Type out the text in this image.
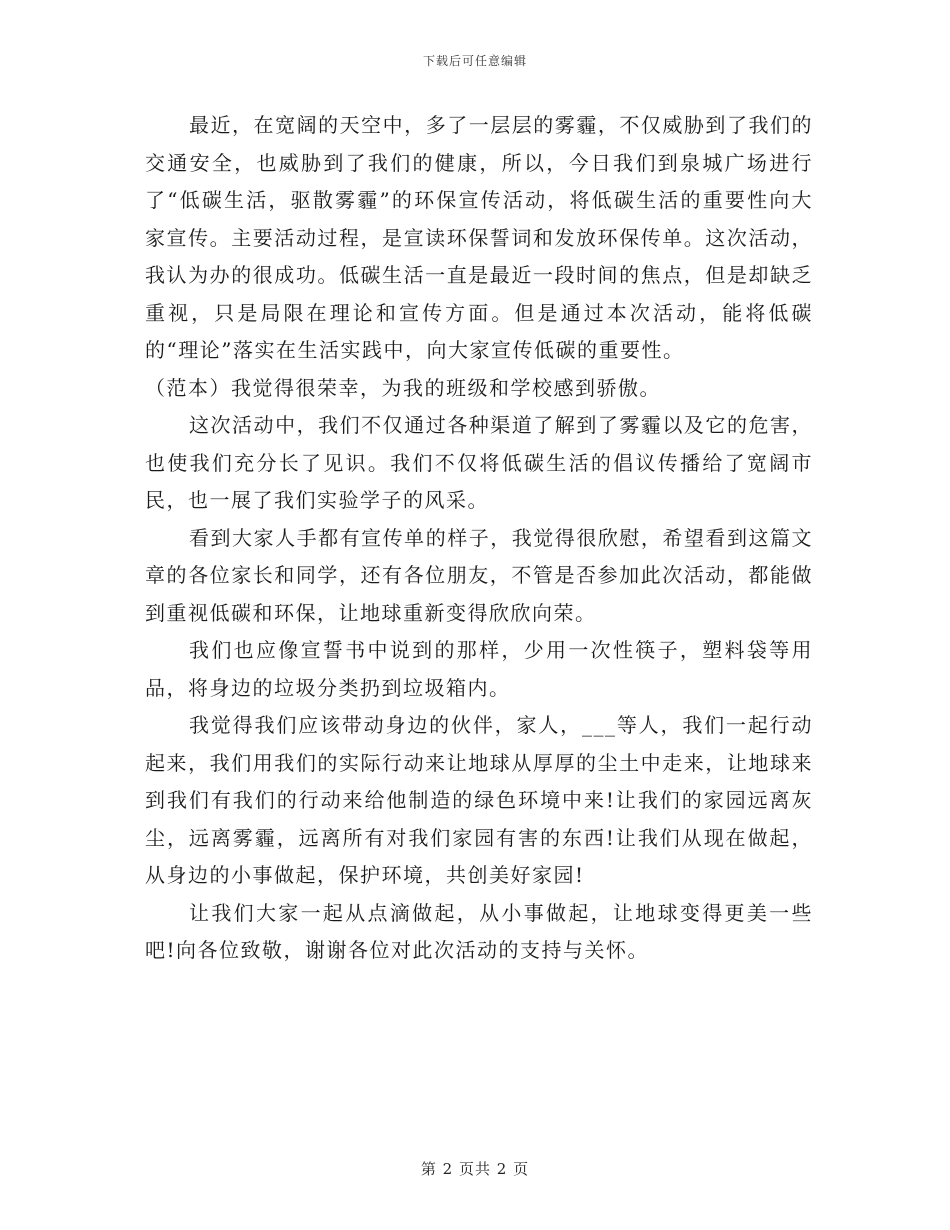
下载后可任意编辑

最近，在宽阔的天空中，多了一层层的雾霾，不仅威胁到了我们的交通安全，也威胁到了我们的健康，所以，今日我们到泉城广场进行了“低碳生活，驱散雾霾”的环保宣传活动，将低碳生活的重要性向大家宣传。主要活动过程，是宣读环保誓词和发放环保传单。这次活动，我认为办的很成功。低碳生活一直是最近一段时间的焦点，但是却缺乏重视，只是局限在理论和宣传方面。但是通过本次活动，能将低碳的“理论”落实在生活实践中，向大家宣传低碳的重要性。

（范本）我觉得很荣幸，为我的班级和学校感到骄傲。

这次活动中，我们不仅通过各种渠道了解到了雾霾以及它的危害，也使我们充分长了见识。我们不仅将低碳生活的倡议传播给了宽阔市民，也一展了我们实验学子的风采。

看到大家人手都有宣传单的样子，我觉得很欣慰，希望看到这篇文章的各位家长和同学，还有各位朋友，不管是否参加此次活动，都能做到重视低碳和环保，让地球重新变得欣欣向荣。

我们也应像宣誓书中说到的那样，少用一次性筷子，塑料袋等用品，将身边的垃圾分类扔到垃圾箱内。

我觉得我们应该带动身边的伙伴，家人，___等人，我们一起行动起来，我们用我们的实际行动来让地球从厚厚的尘土中走来，让地球来到我们有我们的行动来给他制造的绿色环境中来!让我们的家园远离灰尘，远离雾霾，远离所有对我们家园有害的东西!让我们从现在做起，从身边的小事做起，保护环境，共创美好家园!

让我们大家一起从点滴做起，从小事做起，让地球变得更美一些吧!向各位致敬，谢谢各位对此次活动的支持与关怀。

第 2 页共 2 页
